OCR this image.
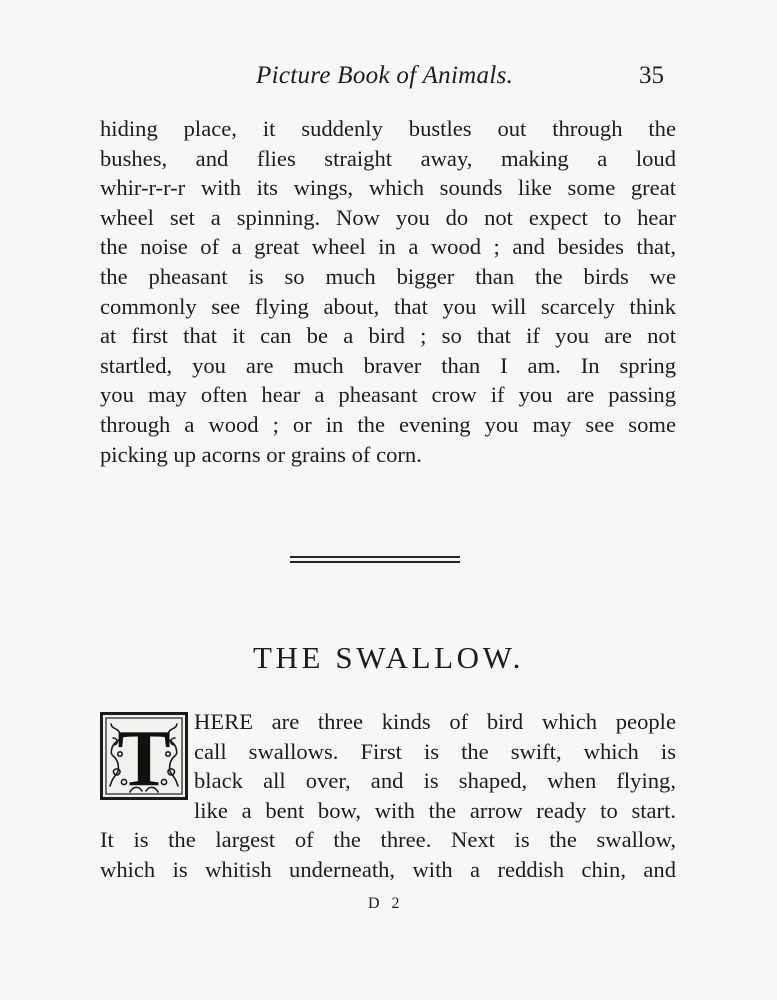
Picture Book of Animals.	35
hiding place, it suddenly bustles out through the
bushes, and flies straight away, making a loud
whir-r-r-r with its wings, which sounds like some great
wheel set a spinning. Now you do not expect to hear
the noise of a great wheel in a wood ; and besides that,
the pheasant is so much bigger than the birds we
commonly see flying about, that you will scarcely think
at first that it can be a bird ; so that if you are not
startled, you are much braver than I am. In spring
you may often hear a pheasant crow if you are passing
through a wood ; or in the evening you may see some
picking up acorns or grains of corn.
THE SWALLOW.
T HERE are three kinds of bird which people
call swallows. First is the swift, which is
black all over, and is shaped, when flying,
like a bent bow, with the arrow ready to start.
It is the largest of the three. Next is the swallow,
which is whitish underneath, with a reddish chin, and
D 2
